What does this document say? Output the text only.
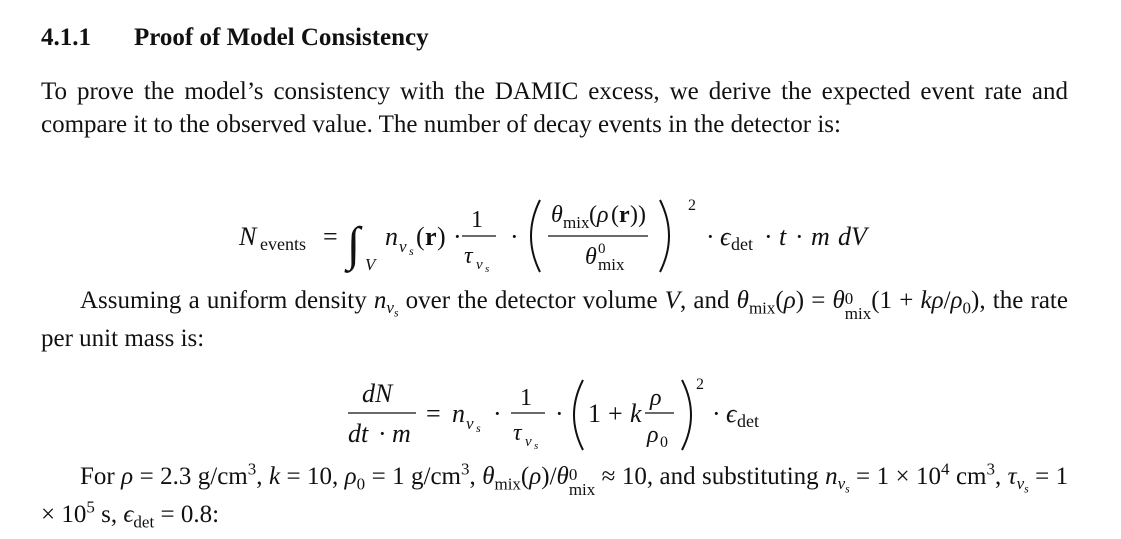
4.1.1 Proof of Model Consistency
To prove the model’s consistency with the DAMIC excess, we derive the expected event rate and compare it to the observed value. The number of decay events in the detector is:
N events = ∫ V
n ν s ( r ) ·
1
τ ν s
·
θ mix ( ρ ( r ))
θ 0
mix
2
· ϵ det · t · m dV
Assuming a uniform density $n_{\nu_s}$ over the detector volume V, and $\theta_{mix}(\rho) = \theta$ 0
mix $(1 + k\rho/\rho_0)$, the rate per unit mass is:
dN
dt · m
= n ν s ·
1
τ ν s
· 1 + k
ρ
ρ 0
2
· ϵ det
For ρ = 2.3 $g/cm^3$, k = 10, $\rho_0 = 1$ $g/cm^3$, $\theta_{mix}(\rho)/\theta$ 0
mix ≈ 10, and substituting $n_{\nu_s} = 1 \times 10^4$ $cm^3$, $\tau_{\nu_s} = 1 \times 10^5$ s, $\epsilon_{det} = 0.8$:
